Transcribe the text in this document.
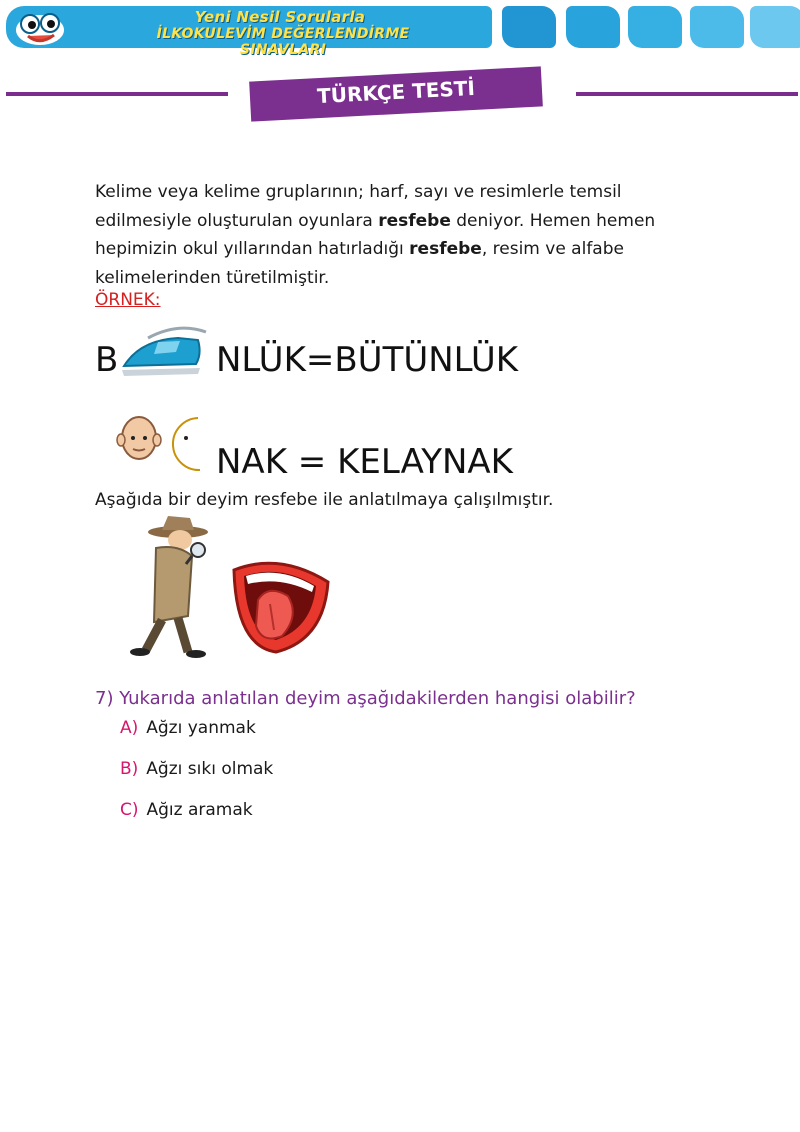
Yeni Nesil Sorularla
İLKOKULEVİM DEĞERLENDİRME SINAVLARI
TÜRKÇE TESTİ
Kelime veya kelime gruplarının; harf, sayı ve resimlerle temsil edilmesiyle oluşturulan oyunlara resfebe deniyor. Hemen hemen hepimizin okul yıllarından hatırladığı resfebe, resim ve alfabe kelimelerinden türetilmiştir.
ÖRNEK:
B	NLÜK=BÜTÜNLÜK
NAK = KELAYNAK
Aşağıda bir deyim resfebe ile anlatılmaya çalışılmıştır.
7) Yukarıda anlatılan deyim aşağıdakilerden hangisi olabilir?
A) Ağzı yanmak
B) Ağzı sıkı olmak
C) Ağız aramak
